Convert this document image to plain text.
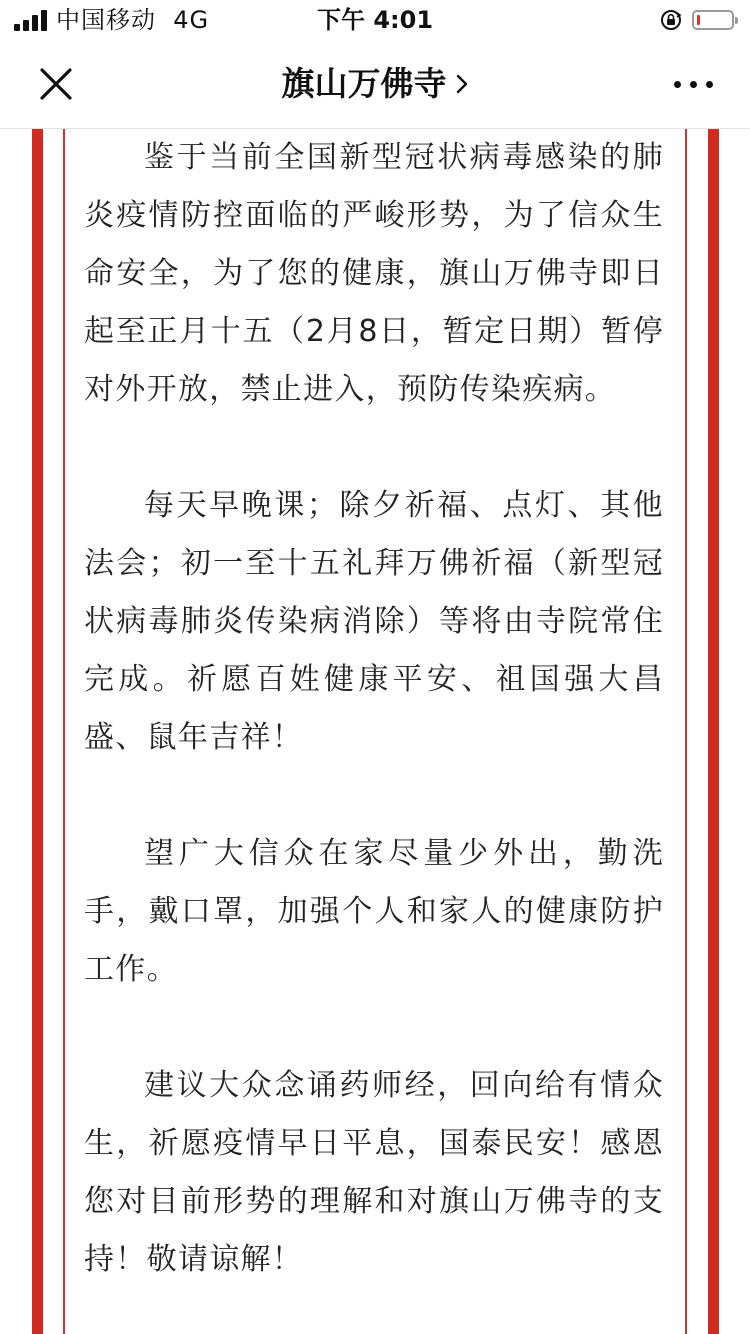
中国移动  4G	下午 4:01
旗山万佛寺

鉴于当前全国新型冠状病毒感染的肺炎疫情防控面临的严峻形势，为了信众生命安全，为了您的健康，旗山万佛寺即日起至正月十五（2月8日，暂定日期）暂停对外开放，禁止进入，预防传染疾病。

每天早晚课；除夕祈福、点灯、其他法会；初一至十五礼拜万佛祈福（新型冠状病毒肺炎传染病消除）等将由寺院常住完成。祈愿百姓健康平安、祖国强大昌盛、鼠年吉祥！

望广大信众在家尽量少外出，勤洗手，戴口罩，加强个人和家人的健康防护工作。

建议大众念诵药师经，回向给有情众生，祈愿疫情早日平息，国泰民安！感恩您对目前形势的理解和对旗山万佛寺的支持！敬请谅解！
